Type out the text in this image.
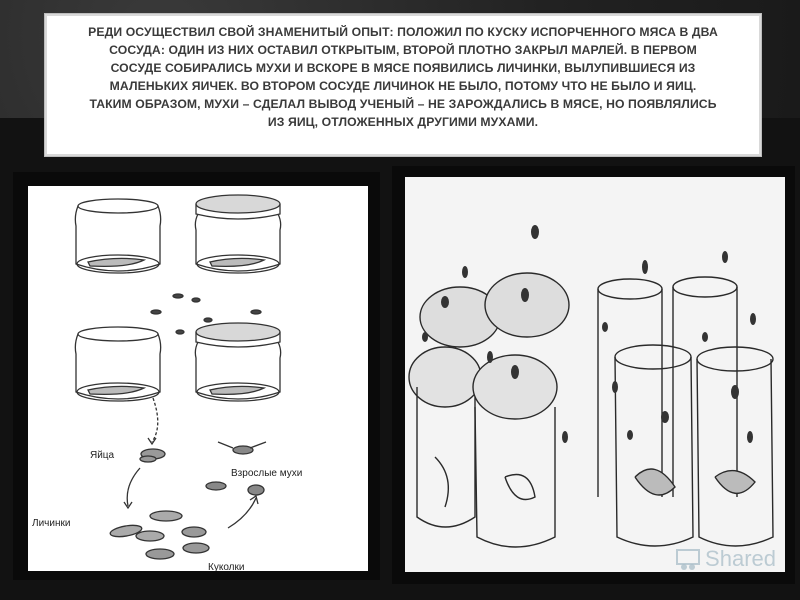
РЕДИ ОСУЩЕСТВИЛ СВОЙ ЗНАМЕНИТЫЙ ОПЫТ: ПОЛОЖИЛ ПО КУСКУ ИСПОРЧЕННОГО МЯСА В ДВА

СОСУДА: ОДИН ИЗ НИХ ОСТАВИЛ ОТКРЫТЫМ, ВТОРОЙ ПЛОТНО ЗАКРЫЛ МАРЛЕЙ. В ПЕРВОМ

СОСУДЕ СОБИРАЛИСЬ МУХИ И ВСКОРЕ В МЯСЕ ПОЯВИЛИСЬ ЛИЧИНКИ, ВЫЛУПИВШИЕСЯ ИЗ

МАЛЕНЬКИХ ЯИЧЕК. ВО ВТОРОМ СОСУДЕ ЛИЧИНОК НЕ БЫЛО, ПОТОМУ ЧТО НЕ БЫЛО И ЯИЦ.

ТАКИМ ОБРАЗОМ, МУХИ – СДЕЛАЛ ВЫВОД УЧЕНЫЙ – НЕ ЗАРОЖДАЛИСЬ В МЯСЕ, НО ПОЯВЛЯЛИСЬ

ИЗ ЯИЦ, ОТЛОЖЕННЫХ ДРУГИМИ МУХАМИ.

Яйца
Взрослые мухи
Личинки
Куколки	Shared
